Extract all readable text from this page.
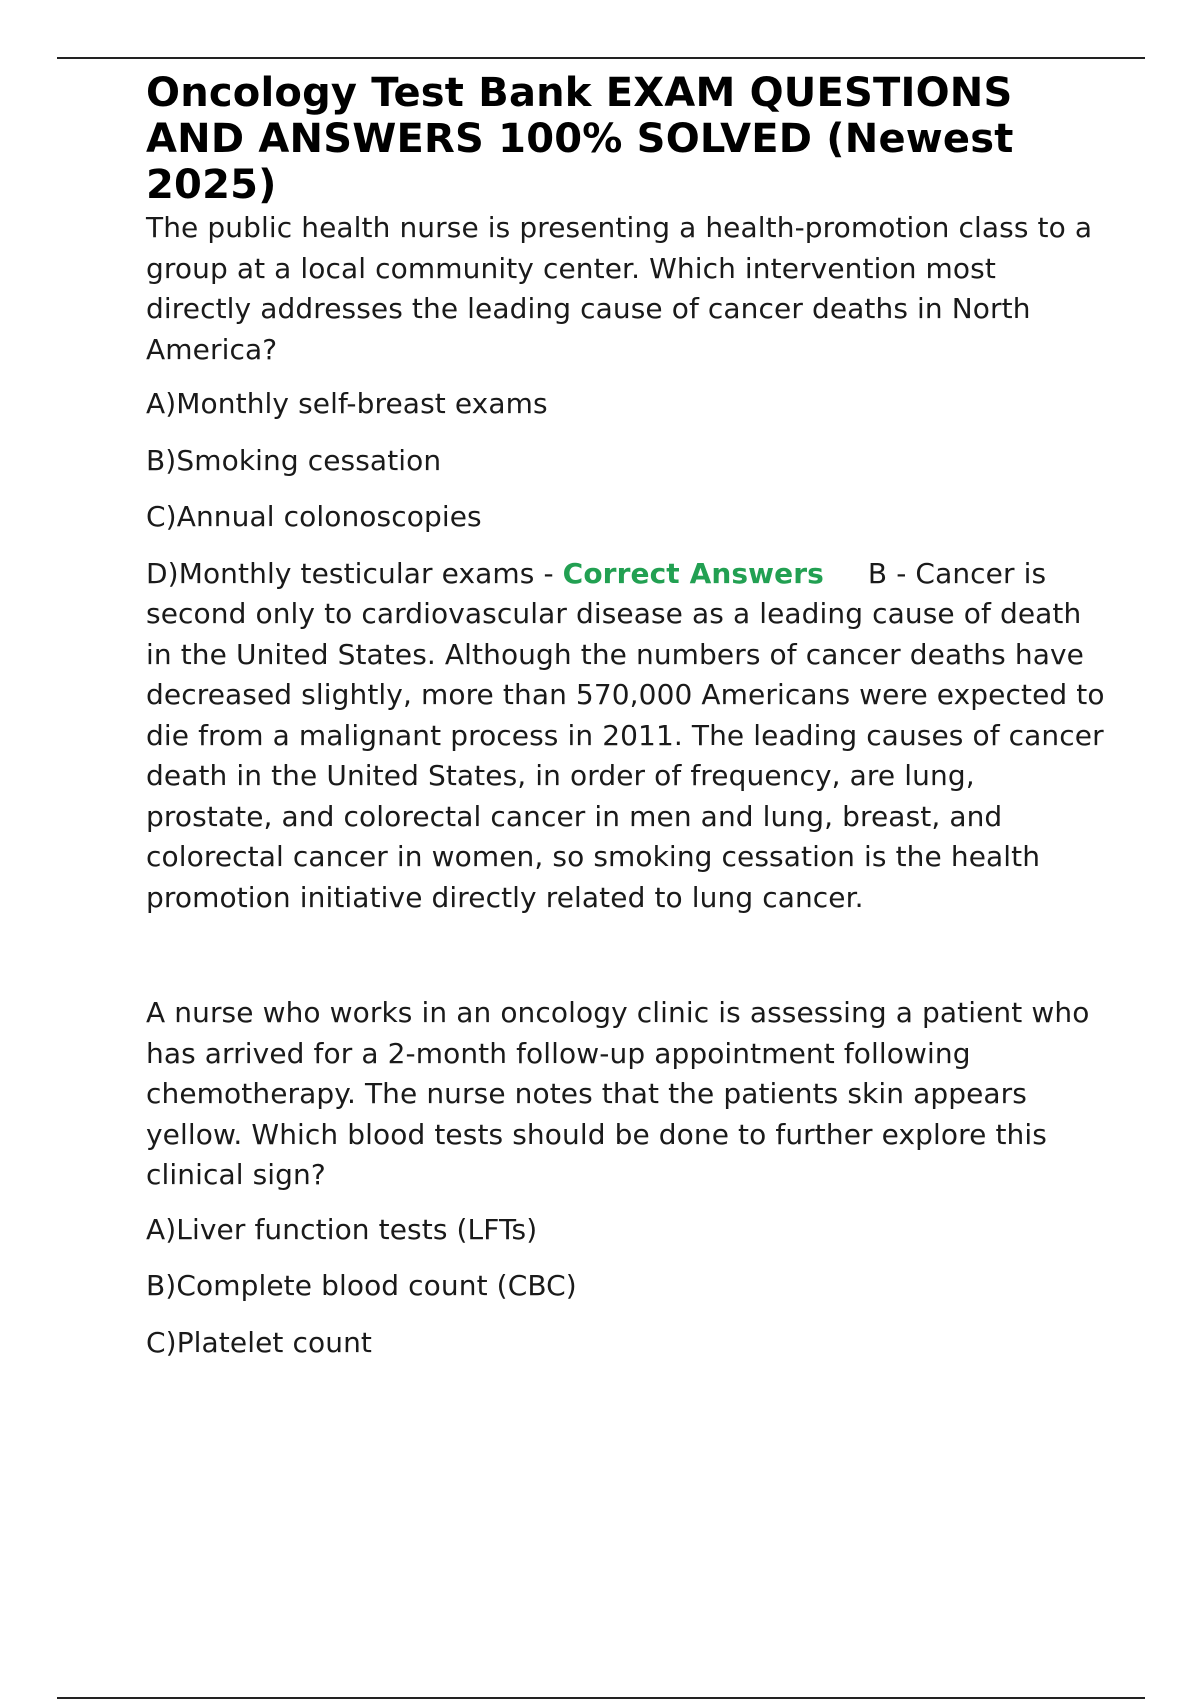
Oncology Test Bank EXAM QUESTIONS AND ANSWERS 100% SOLVED (Newest 2025)

The public health nurse is presenting a health-promotion class to a group at a local community center. Which intervention most directly addresses the leading cause of cancer deaths in North America?

A)Monthly self-breast exams

B)Smoking cessation

C)Annual colonoscopies

D)Monthly testicular exams - Correct Answers B - Cancer is second only to cardiovascular disease as a leading cause of death in the United States. Although the numbers of cancer deaths have decreased slightly, more than 570,000 Americans were expected to die from a malignant process in 2011. The leading causes of cancer death in the United States, in order of frequency, are lung, prostate, and colorectal cancer in men and lung, breast, and colorectal cancer in women, so smoking cessation is the health promotion initiative directly related to lung cancer.

A nurse who works in an oncology clinic is assessing a patient who has arrived for a 2-month follow-up appointment following chemotherapy. The nurse notes that the patients skin appears yellow. Which blood tests should be done to further explore this clinical sign?

A)Liver function tests (LFTs)

B)Complete blood count (CBC)

C)Platelet count
